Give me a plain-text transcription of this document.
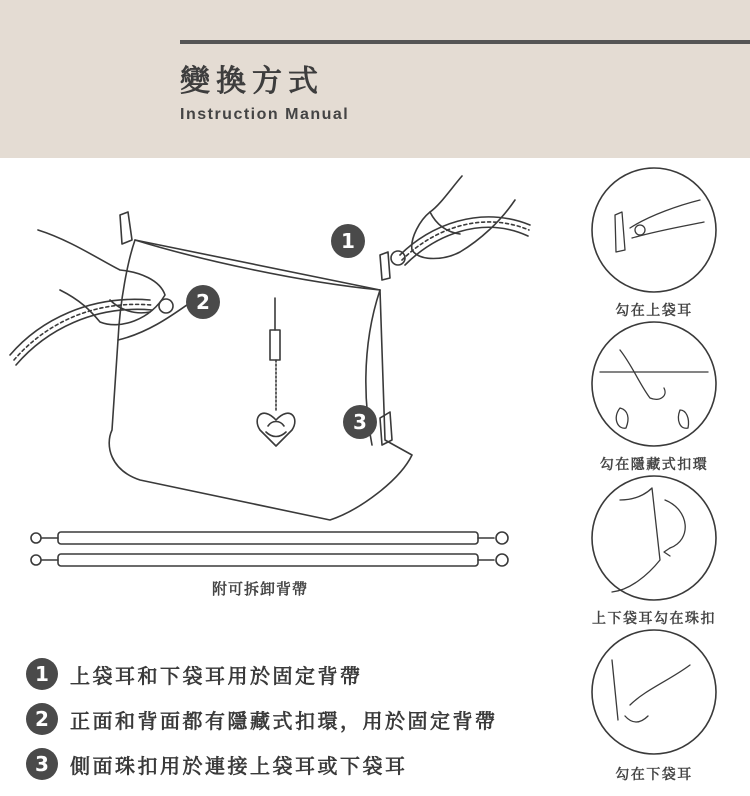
變換方式
Instruction Manual
1
2
3
附可拆卸背帶
勾在上袋耳
勾在隱藏式扣環
上下袋耳勾在珠扣
勾在下袋耳
1	上袋耳和下袋耳用於固定背帶
2	正面和背面都有隱藏式扣環，用於固定背帶
3	側面珠扣用於連接上袋耳或下袋耳
